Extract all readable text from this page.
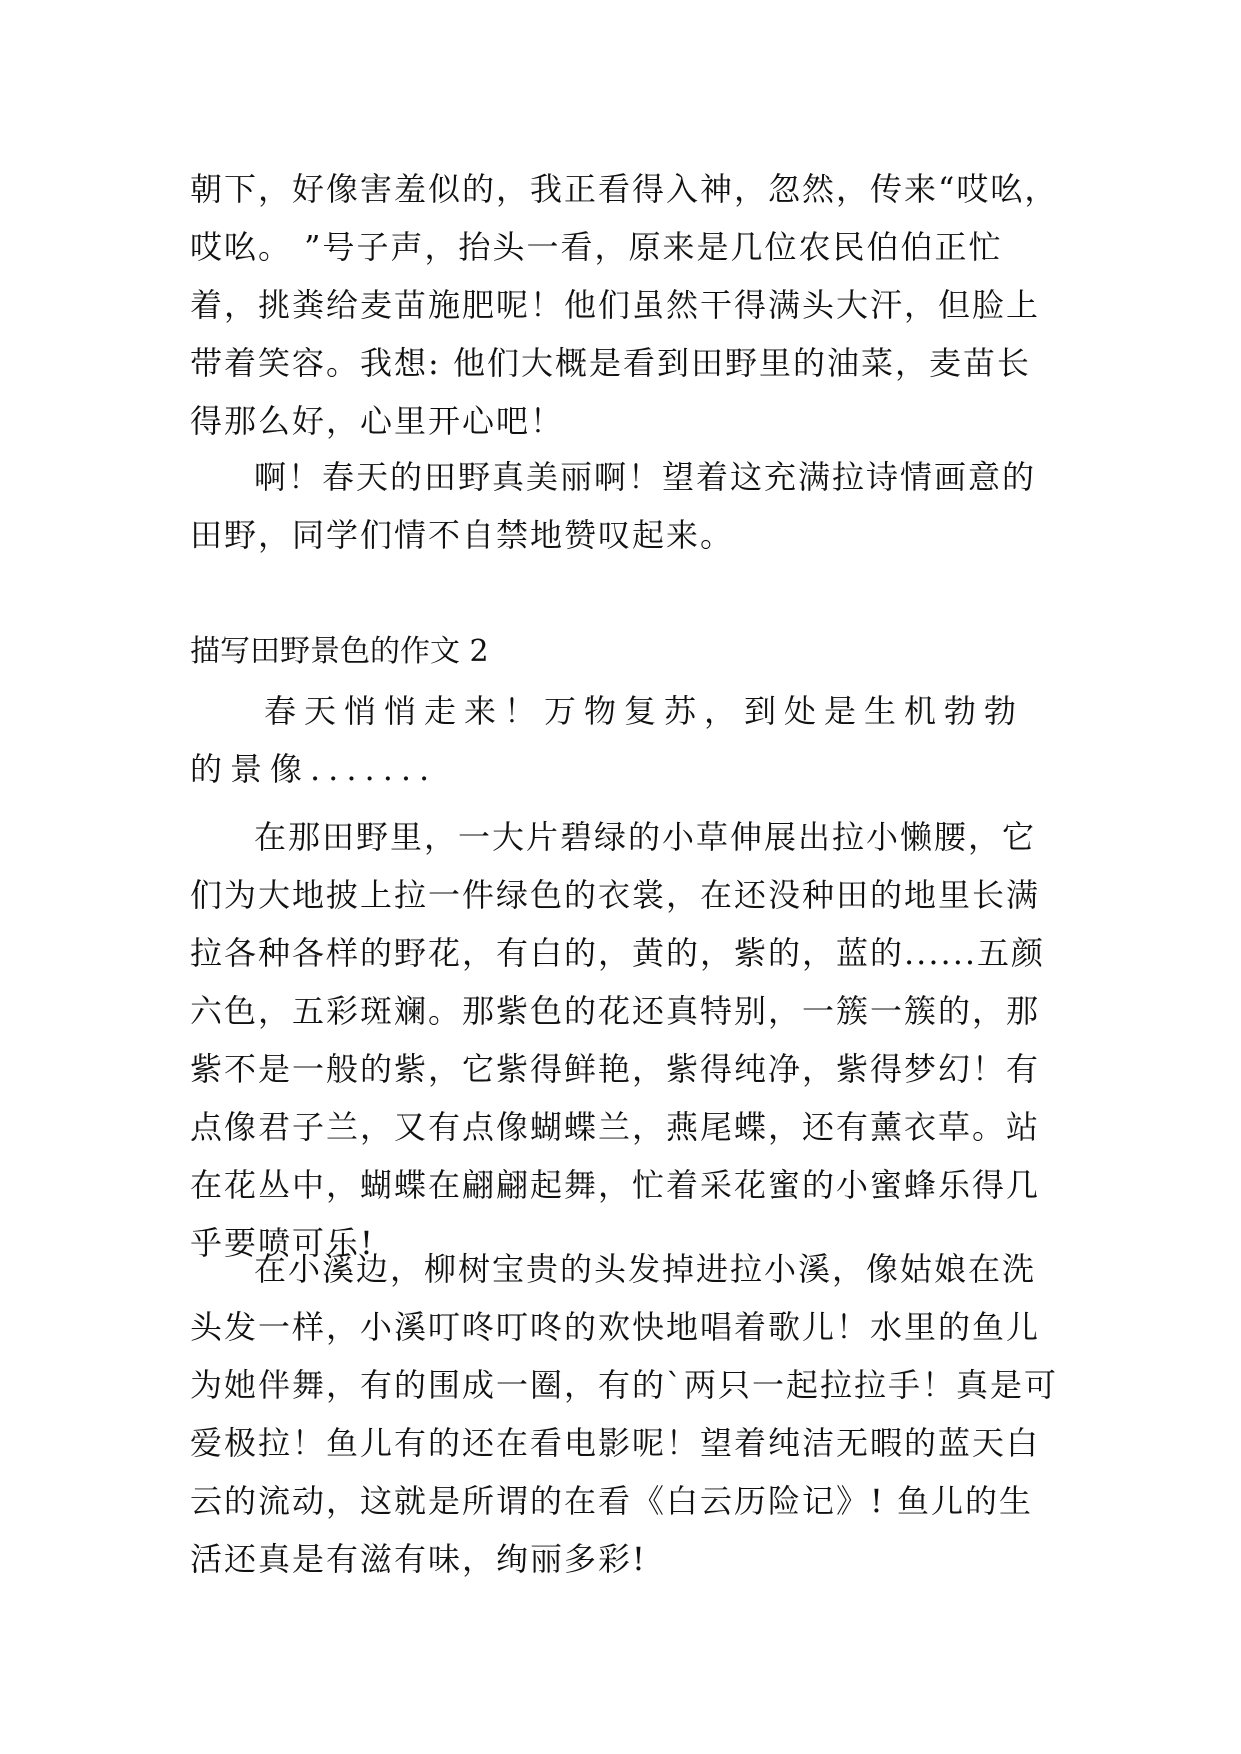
朝下，好像害羞似的，我正看得入神，忽然，传来“哎吆，哎吆。 ”号子声，抬头一看，原来是几位农民伯伯正忙着，挑粪给麦苗施肥呢！他们虽然干得满头大汗，但脸上带着笑容。我想: 他们大概是看到田野里的油菜，麦苗长得那么好，心里开心吧！
啊！春天的田野真美丽啊！望着这充满拉诗情画意的田野，同学们情不自禁地赞叹起来。
描写田野景色的作文 2
春天悄悄走来！万物复苏，到处是生机勃勃的景像.......
在那田野里，一大片碧绿的小草伸展出拉小懒腰，它们为大地披上拉一件绿色的衣裳，在还没种田的地里长满拉各种各样的野花，有白的，黄的，紫的，蓝的......五颜六色，五彩斑斓。那紫色的花还真特别，一簇一簇的，那紫不是一般的紫，它紫得鲜艳，紫得纯净，紫得梦幻！有点像君子兰，又有点像蝴蝶兰，燕尾蝶，还有薰衣草。站在花丛中，蝴蝶在翩翩起舞，忙着采花蜜的小蜜蜂乐得几乎要喷可乐!
在小溪边，柳树宝贵的头发掉进拉小溪，像姑娘在洗头发一样，小溪叮咚叮咚的欢快地唱着歌儿！水里的鱼儿为她伴舞，有的围成一圈，有的`两只一起拉拉手！真是可爱极拉！鱼儿有的还在看电影呢！望着纯洁无暇的蓝天白云的流动，这就是所谓的在看《白云历险记》! 鱼儿的生活还真是有滋有味，绚丽多彩!
